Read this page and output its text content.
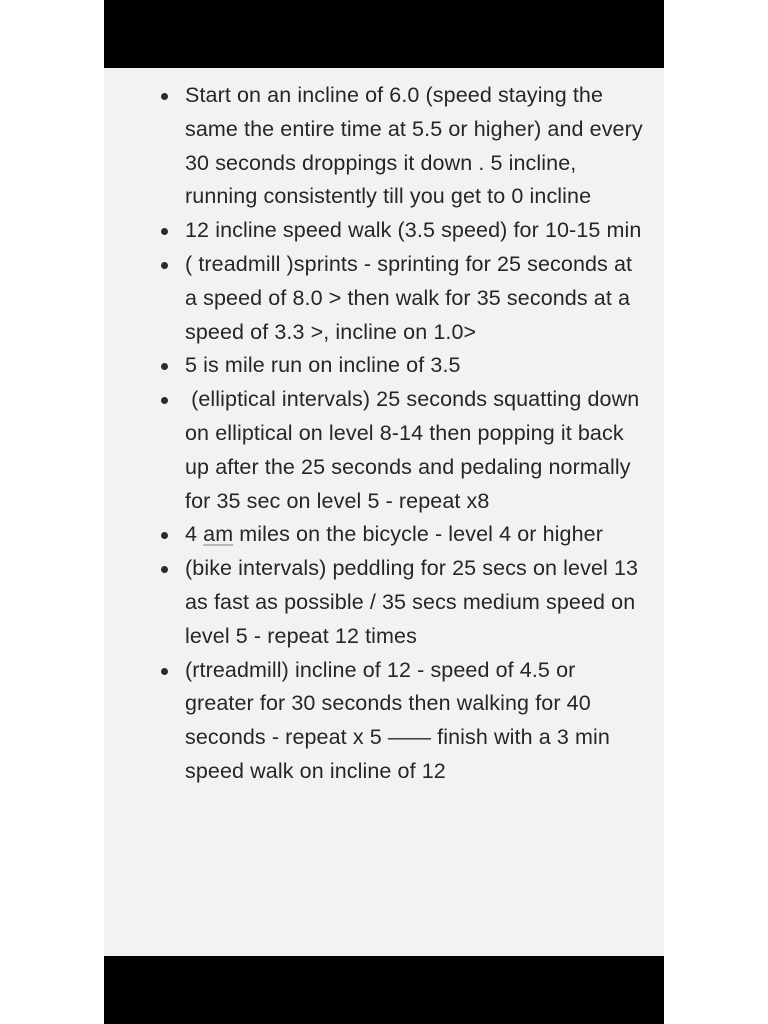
Start on an incline of 6.0 (speed staying the same the entire time at 5.5 or higher) and every 30 seconds droppings it down . 5 incline, running consistently till you get to 0 incline
12 incline speed walk (3.5 speed) for 10-15 min
( treadmill )sprints - sprinting for 25 seconds at a speed of 8.0 > then walk for 35 seconds at a speed of 3.3 >, incline on 1.0>
5 is mile run on incline of 3.5
(elliptical intervals) 25 seconds squatting down on elliptical on level 8-14 then popping it back up after the 25 seconds and pedaling normally for 35 sec on level 5 - repeat x8
4 am miles on the bicycle - level 4 or higher
(bike intervals) peddling for 25 secs on level 13 as fast as possible / 35 secs medium speed on level 5 - repeat 12 times
(rtreadmill) incline of 12 - speed of 4.5 or greater for 30 seconds then walking for 40 seconds - repeat x 5 —— finish with a 3 min speed walk on incline of 12
